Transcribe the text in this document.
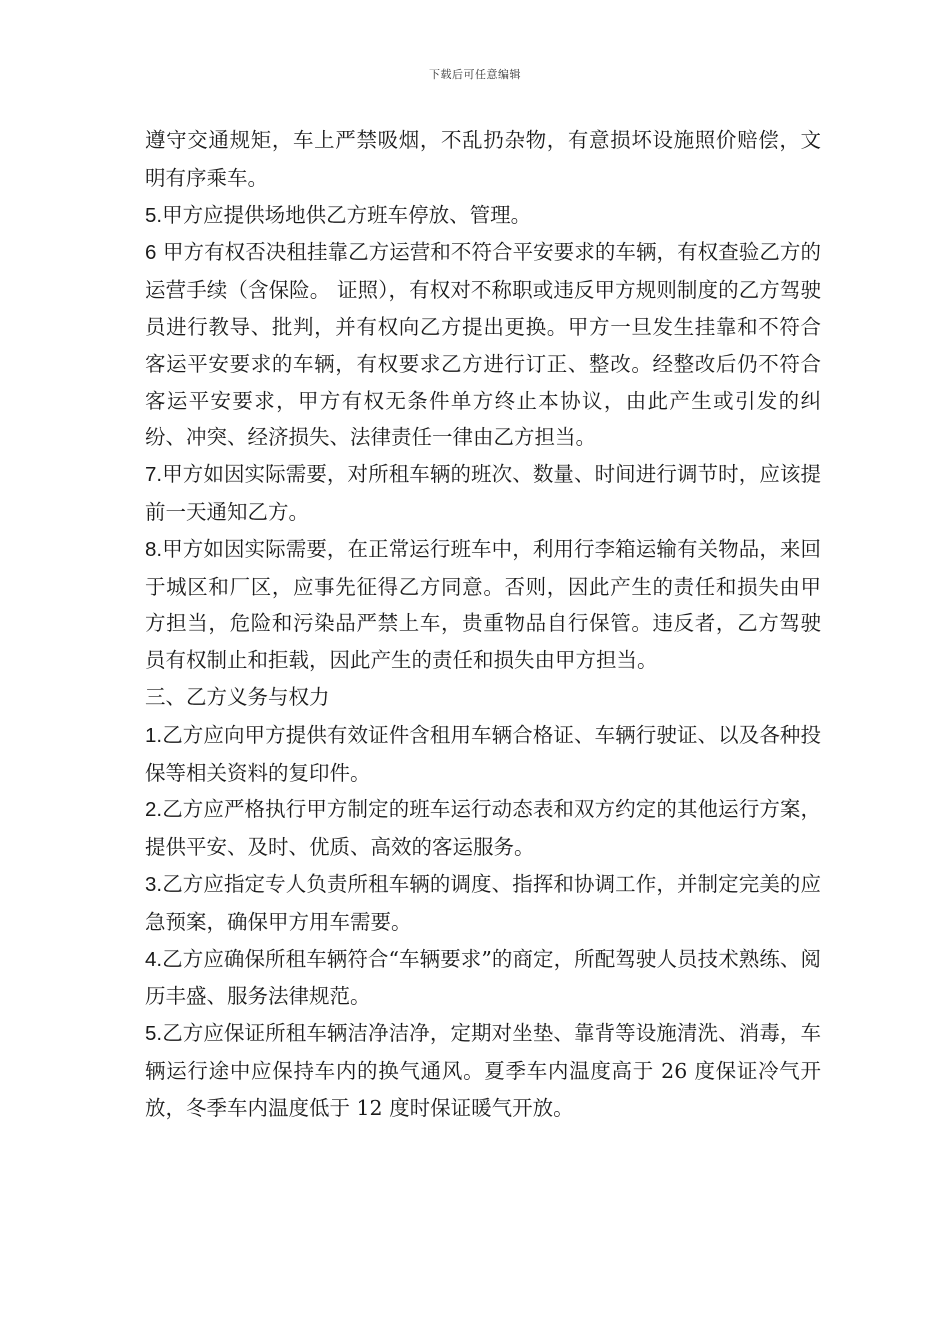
下载后可任意编辑

遵守交通规矩，车上严禁吸烟，不乱扔杂物，有意损坏设施照价赔偿，文明有序乘车。

5.甲方应提供场地供乙方班车停放、管理。

6 甲方有权否决租挂靠乙方运营和不符合平安要求的车辆，有权查验乙方的运营手续（含保险。 证照），有权对不称职或违反甲方规则制度的乙方驾驶员进行教导、批判，并有权向乙方提出更换。甲方一旦发生挂靠和不符合客运平安要求的车辆，有权要求乙方进行订正、整改。经整改后仍不符合客运平安要求，甲方有权无条件单方终止本协议，由此产生或引发的纠纷、冲突、经济损失、法律责任一律由乙方担当。

7.甲方如因实际需要，对所租车辆的班次、数量、时间进行调节时，应该提前一天通知乙方。

8.甲方如因实际需要，在正常运行班车中，利用行李箱运输有关物品，来回于城区和厂区，应事先征得乙方同意。否则，因此产生的责任和损失由甲方担当，危险和污染品严禁上车，贵重物品自行保管。违反者，乙方驾驶员有权制止和拒载，因此产生的责任和损失由甲方担当。

三、乙方义务与权力

1.乙方应向甲方提供有效证件含租用车辆合格证、车辆行驶证、以及各种投保等相关资料的复印件。

2.乙方应严格执行甲方制定的班车运行动态表和双方约定的其他运行方案，提供平安、及时、优质、高效的客运服务。

3.乙方应指定专人负责所租车辆的调度、指挥和协调工作，并制定完美的应急预案，确保甲方用车需要。

4.乙方应确保所租车辆符合“车辆要求”的商定，所配驾驶人员技术熟练、阅历丰盛、服务法律规范。

5.乙方应保证所租车辆洁净洁净，定期对坐垫、靠背等设施清洗、消毒，车辆运行途中应保持车内的换气通风。夏季车内温度高于 26 度保证冷气开放，冬季车内温度低于 12 度时保证暖气开放。
